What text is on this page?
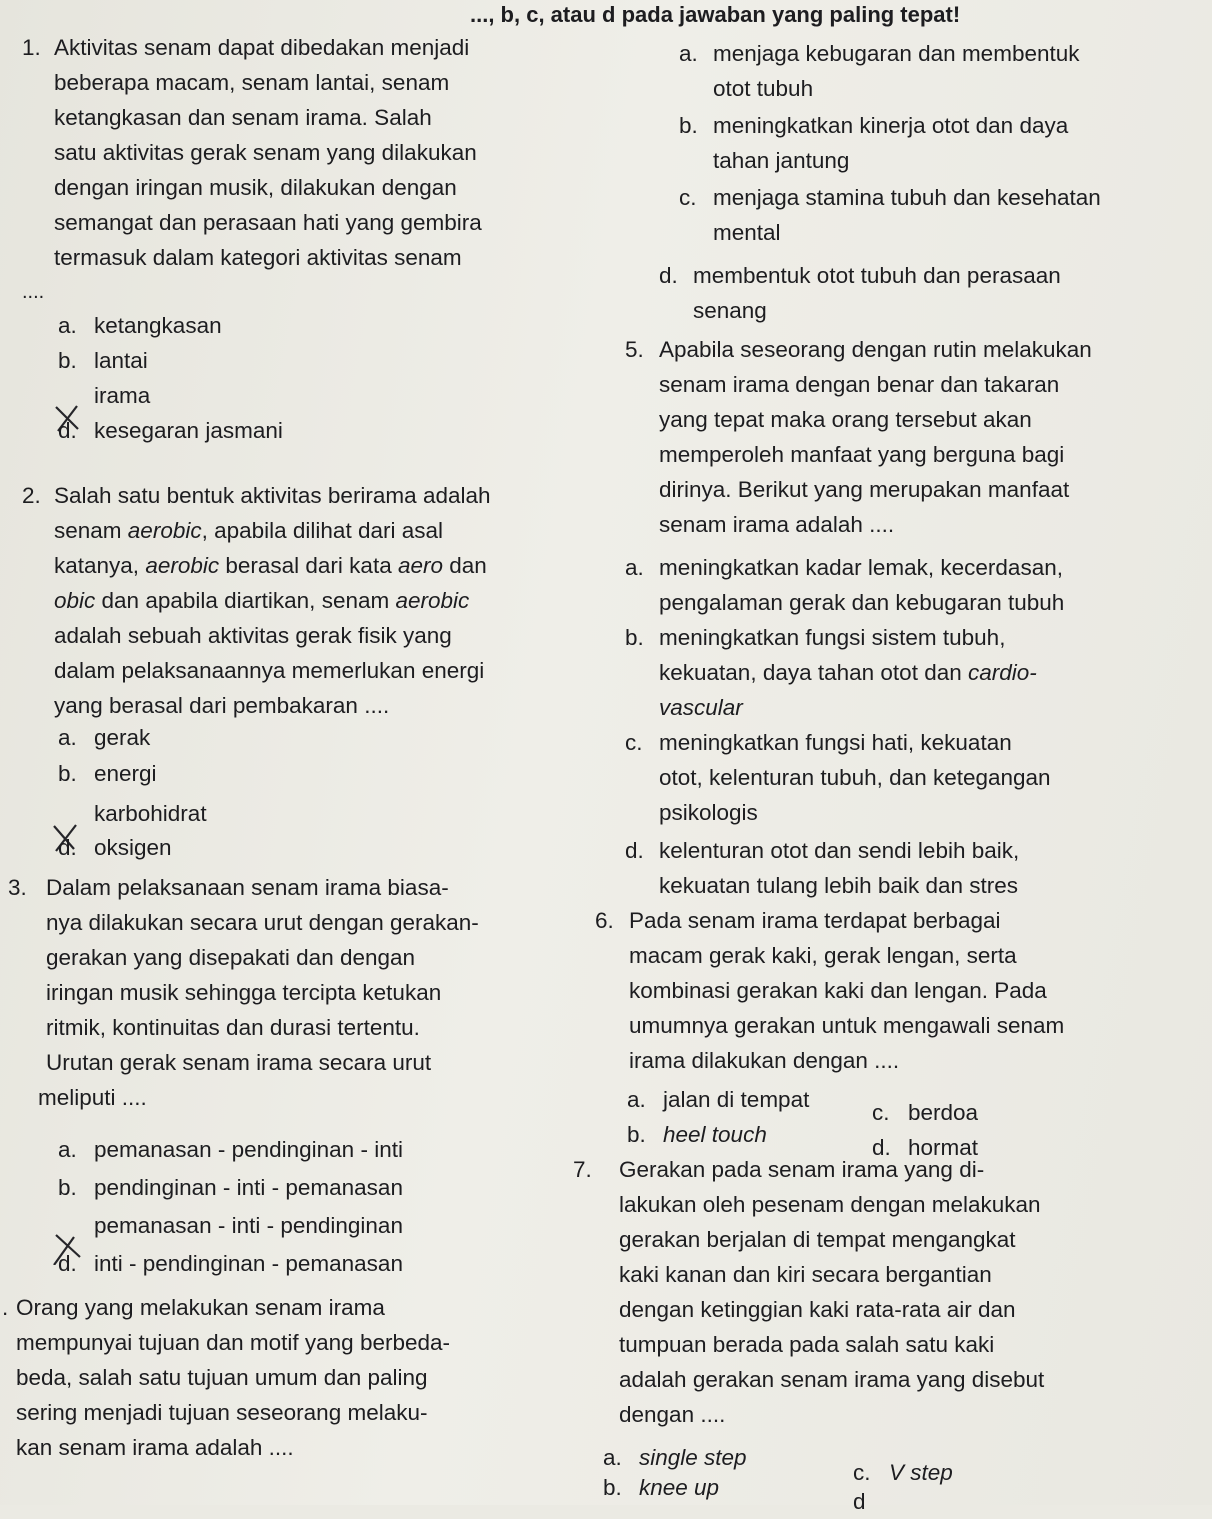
..., b, c, atau d pada jawaban yang paling tepat!
1. Aktivitas senam dapat dibedakan menjadi
beberapa macam, senam lantai, senam
ketangkasan dan senam irama. Salah
satu aktivitas gerak senam yang dilakukan
dengan iringan musik, dilakukan dengan
semangat dan perasaan hati yang gembira
termasuk dalam kategori aktivitas senam
....
a. ketangkasan
b. lantai
irama
d. kesegaran jasmani
2. Salah satu bentuk aktivitas berirama adalah
senam aerobic, apabila dilihat dari asal
katanya, aerobic berasal dari kata aero dan
obic dan apabila diartikan, senam aerobic
adalah sebuah aktivitas gerak fisik yang
dalam pelaksanaannya memerlukan energi
yang berasal dari pembakaran ....
a. gerak
b. energi
karbohidrat
d. oksigen
3. Dalam pelaksanaan senam irama biasa-
nya dilakukan secara urut dengan gerakan-
gerakan yang disepakati dan dengan
iringan musik sehingga tercipta ketukan
ritmik, kontinuitas dan durasi tertentu.
Urutan gerak senam irama secara urut
meliputi ....
a. pemanasan - pendinginan - inti
b. pendinginan - inti - pemanasan
pemanasan - inti - pendinginan
d. inti - pendinginan - pemanasan
. Orang yang melakukan senam irama
mempunyai tujuan dan motif yang berbeda-
beda, salah satu tujuan umum dan paling
sering menjadi tujuan seseorang melaku-
kan senam irama adalah ....
a. menjaga kebugaran dan membentuk
otot tubuh
b. meningkatkan kinerja otot dan daya
tahan jantung
c. menjaga stamina tubuh dan kesehatan
mental
d. membentuk otot tubuh dan perasaan
senang
5. Apabila seseorang dengan rutin melakukan
senam irama dengan benar dan takaran
yang tepat maka orang tersebut akan
memperoleh manfaat yang berguna bagi
dirinya. Berikut yang merupakan manfaat
senam irama adalah ....
a. meningkatkan kadar lemak, kecerdasan,
pengalaman gerak dan kebugaran tubuh
b. meningkatkan fungsi sistem tubuh,
kekuatan, daya tahan otot dan cardio-
vascular
c. meningkatkan fungsi hati, kekuatan
otot, kelenturan tubuh, dan ketegangan
psikologis
d. kelenturan otot dan sendi lebih baik,
kekuatan tulang lebih baik dan stres
6. Pada senam irama terdapat berbagai
macam gerak kaki, gerak lengan, serta
kombinasi gerakan kaki dan lengan. Pada
umumnya gerakan untuk mengawali senam
irama dilakukan dengan ....
a. jalan di tempat
b. heel touch
c. berdoa
d. hormat
7. Gerakan pada senam irama yang di-
lakukan oleh pesenam dengan melakukan
gerakan berjalan di tempat mengangkat
kaki kanan dan kiri secara bergantian
dengan ketinggian kaki rata-rata air dan
tumpuan berada pada salah satu kaki
adalah gerakan senam irama yang disebut
dengan ....
a. single step
b. knee up
c. V step
d
